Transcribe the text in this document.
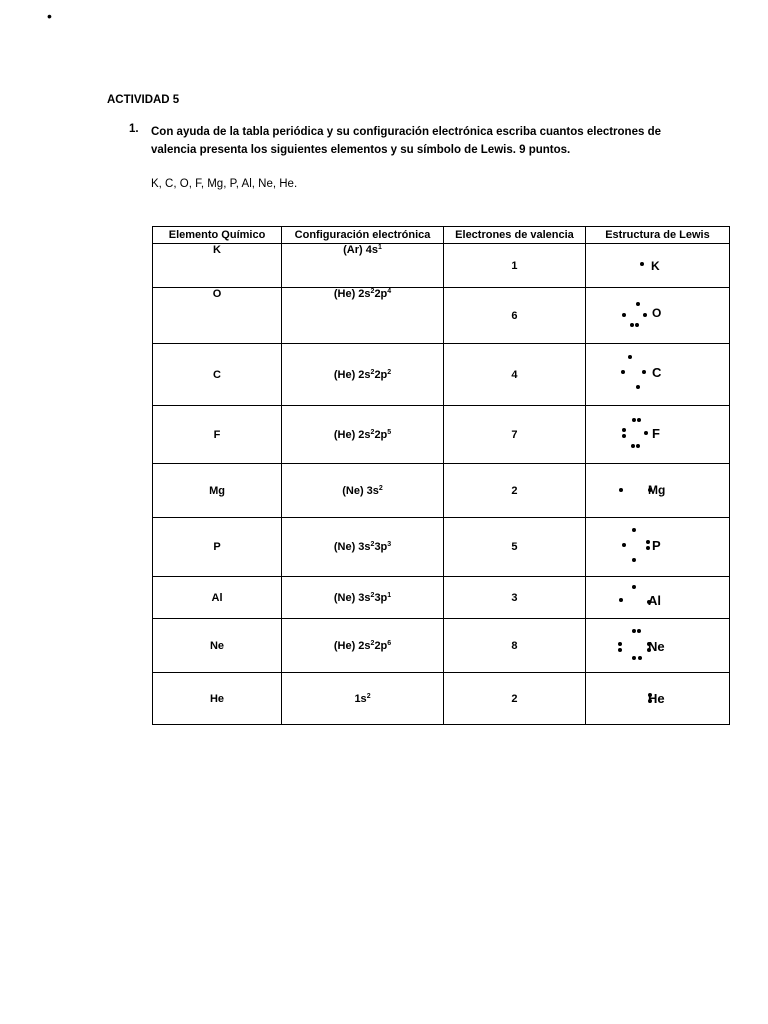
•
ACTIVIDAD 5
1. Con ayuda de la tabla periódica y su configuración electrónica escriba cuantos electrones de valencia presenta los siguientes elementos y su símbolo de Lewis. 9 puntos.
K, C, O, F, Mg, P, Al, Ne, He.
Elemento Químico	Configuración electrónica	Electrones de valencia	Estructura de Lewis
K	(Ar) $4s^1$	1	K

O	(He) $2s^22p^4$	6	O

C	(He) $2s^22p^2$	4	C

F	(He) $2s^22p^5$	7	F

Mg	(Ne) $3s^2$	2	Mg

P	(Ne) $3s^23p^3$	5	P

Al	(Ne) $3s^23p^1$	3	Al

Ne	(He) $2s^22p^6$	8	Ne

He	$1s^2$	2	He
